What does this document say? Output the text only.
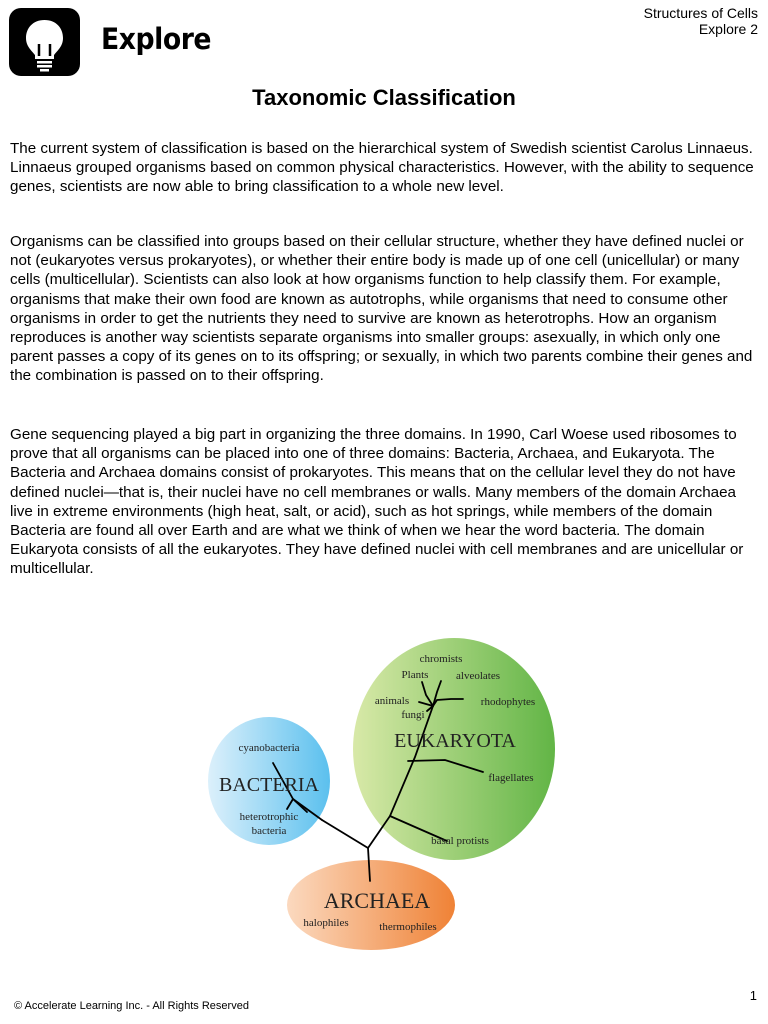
Explore
Structures of Cells
Explore 2
Taxonomic Classification

The current system of classification is based on the hierarchical system of Swedish scientist Carolus Linnaeus. Linnaeus grouped organisms based on common physical characteristics. However, with the ability to sequence genes, scientists are now able to bring classification to a whole new level.

Organisms can be classified into groups based on their cellular structure, whether they have defined nuclei or not (eukaryotes versus prokaryotes), or whether their entire body is made up of one cell (unicellular) or many cells (multicellular). Scientists can also look at how organisms function to help classify them. For example, organisms that make their own food are known as autotrophs, while organisms that need to consume other organisms in order to get the nutrients they need to survive are known as heterotrophs. How an organism reproduces is another way scientists separate organisms into smaller groups: asexually, in which only one parent passes a copy of its genes on to its offspring; or sexually, in which two parents combine their genes and the combination is passed on to their offspring.

Gene sequencing played a big part in organizing the three domains. In 1990, Carl Woese used ribosomes to prove that all organisms can be placed into one of three domains: Bacteria, Archaea, and Eukaryota. The Bacteria and Archaea domains consist of prokaryotes. This means that on the cellular level they do not have defined nuclei—that is, their nuclei have no cell membranes or walls. Many members of the domain Archaea live in extreme environments (high heat, salt, or acid), such as hot springs, while members of the domain Bacteria are found all over Earth and are what we think of when we hear the word bacteria. The domain Eukaryota consists of all the eukaryotes. They have defined nuclei with cell membranes and are unicellular or multicellular.

BACTERIA
EUKARYOTA
ARCHAEA
cyanobacteria
heterotrophic
bacteria
chromists
Plants	alveolates
animals	rhodophytes
fungi
flagellates
basal protists
halophiles	thermophiles
© Accelerate Learning Inc. - All Rights Reserved
1
